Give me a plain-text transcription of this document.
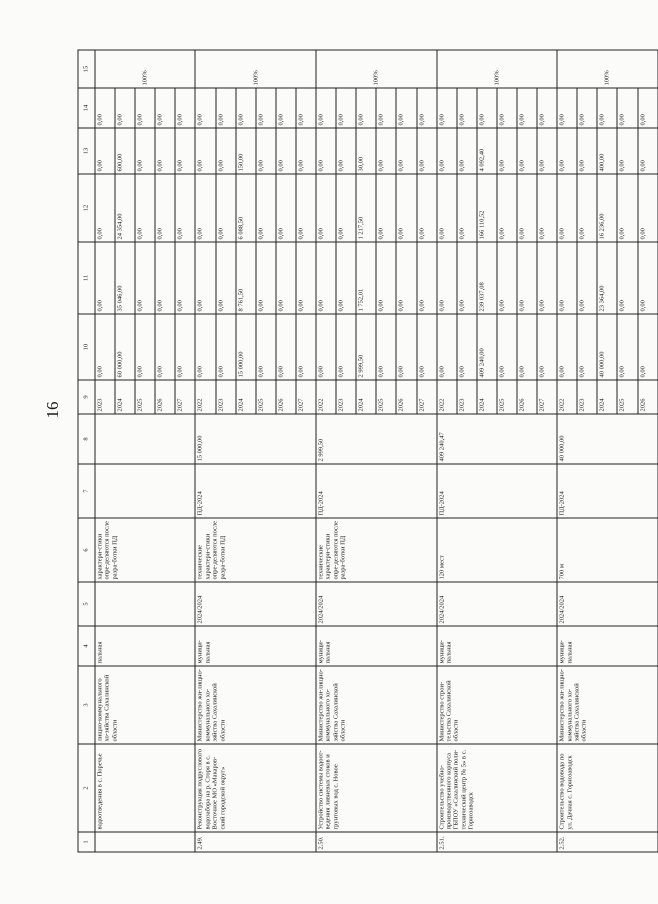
16
1	2	3	4	5	6	7	8	9	10	11	12	13	14	15
	водоотведения в с. Поречье	лищно-коммунального хо-зяйства Сахалинской области	пальная		характери-стики опре-деляются после разра-ботки ПД			2023	0,00	0,00	0,00	0,00	0,00	100%
								2024	60 000,00	35 046,00	24 354,00	600,00	0,00	
								2025	0,00	0,00	0,00	0,00	0,00	
								2026	0,00	0,00	0,00	0,00	0,00	
								2027	0,00	0,00	0,00	0,00	0,00	
2.49.	Реконструкция подруслового водозабора на р. Сторя в с. Восточное МО «Макаров-ский городской округ»	Министерство жи-лищно-коммунального хо-зяйства Сахалинской области	муници-пальная	2024/2024	технические характери-стики опре-деляются после разра-ботки ПД	ПД-2024	15 000,00	2022	0,00	0,00	0,00	0,00	0,00	100%
								2023	0,00	0,00	0,00	0,00	0,00	
								2024	15 000,00	8 761,50	6 088,50	150,00	0,00	
								2025	0,00	0,00	0,00	0,00	0,00	
								2026	0,00	0,00	0,00	0,00	0,00	
								2027	0,00	0,00	0,00	0,00	0,00	
2.50.	Устройство системы водоот-ведения ливневых стоков и грунтовых вод с. Новое	Министерство жи-лищно-коммунального хо-зяйства Сахалинской области	муници-пальная	2024/2024	технические характери-стики опре-деляются после разра-ботки ПД	ПД-2024	2 999,50	2022	0,00	0,00	0,00	0,00	0,00	100%
								2023	0,00	0,00	0,00	0,00	0,00	
								2024	2 999,50	1 752,01	1 217,50	30,00	0,00	
								2025	0,00	0,00	0,00	0,00	0,00	
								2026	0,00	0,00	0,00	0,00	0,00	
								2027	0,00	0,00	0,00	0,00	0,00	
2.51.	Строительство учебно-производственного корпуса ГБПОУ «Сахалинский поли-технический центр № 5» в с. Горнозаводск	Министерство строи-тельства Сахалинской области	муници-пальная	2024/2024	120 мест	ПД-2024	409 240,47	2022	0,00	0,00	0,00	0,00	0,00	100%
								2023	0,00	0,00	0,00	0,00	0,00	
								2024	409 240,00	239 037,08	166 110,52	4 092,40	0,00	
								2025	0,00	0,00	0,00	0,00	0,00	
								2026	0,00	0,00	0,00	0,00	0,00	
								2027	0,00	0,00	0,00	0,00	0,00	
2.52.	Строительство водовода по ул. Дачная с. Горнозаводск	Министерство жи-лищно-коммунального хо-зяйства Сахалинской области	муници-пальная	2024/2024	700 м	ПД-2024	40 000,00	2022	0,00	0,00	0,00	0,00	0,00	100%
								2023	0,00	0,00	0,00	0,00	0,00	
								2024	40 000,00	23 364,00	16 236,00	400,00	0,00	
								2025	0,00	0,00	0,00	0,00	0,00	
								2026	0,00	0,00	0,00	0,00	0,00	
